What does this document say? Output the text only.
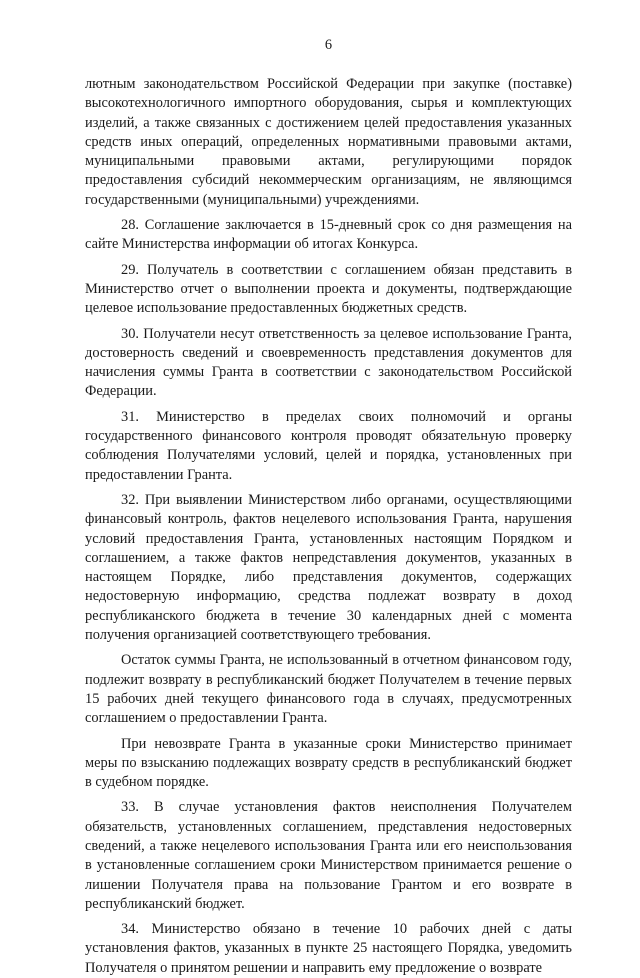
6

лютным законодательством Российской Федерации при закупке (поставке) высокотехнологичного импортного оборудования, сырья и комплектующих изделий, а также связанных с достижением целей предоставления указанных средств иных операций, определенных нормативными правовыми актами, муниципальными правовыми актами, регулирующими порядок предоставления субсидий некоммерческим организациям, не являющимся государственными (муниципальными) учреждениями.

28. Соглашение заключается в 15-дневный срок со дня размещения на сайте Министерства информации об итогах Конкурса.

29. Получатель в соответствии с соглашением обязан представить в Министерство отчет о выполнении проекта и документы, подтверждающие целевое использование предоставленных бюджетных средств.

30. Получатели несут ответственность за целевое использование Гранта, достоверность сведений и своевременность представления документов для начисления суммы Гранта в соответствии с законодательством Российской Федерации.

31. Министерство в пределах своих полномочий и органы государственного финансового контроля проводят обязательную проверку соблюдения Получателями условий, целей и порядка, установленных при предоставлении Гранта.

32. При выявлении Министерством либо органами, осуществляющими финансовый контроль, фактов нецелевого использования Гранта, нарушения условий предоставления Гранта, установленных настоящим Порядком и соглашением, а также фактов непредставления документов, указанных в настоящем Порядке, либо представления документов, содержащих недостоверную информацию, средства подлежат возврату в доход республиканского бюджета в течение 30 календарных дней с момента получения организацией соответствующего требования.

Остаток суммы Гранта, не использованный в отчетном финансовом году, подлежит возврату в республиканский бюджет Получателем в течение первых 15 рабочих дней текущего финансового года в случаях, предусмотренных соглашением о предоставлении Гранта.

При невозврате Гранта в указанные сроки Министерство принимает меры по взысканию подлежащих возврату средств в республиканский бюджет в судебном порядке.

33. В случае установления фактов неисполнения Получателем обязательств, установленных соглашением, представления недостоверных сведений, а также нецелевого использования Гранта или его неиспользования в установленные соглашением сроки Министерством принимается решение о лишении Получателя права на пользование Грантом и его возврате в республиканский бюджет.

34. Министерство обязано в течение 10 рабочих дней с даты установления фактов, указанных в пункте 25 настоящего Порядка, уведомить Получателя о принятом решении и направить ему предложение о возврате
